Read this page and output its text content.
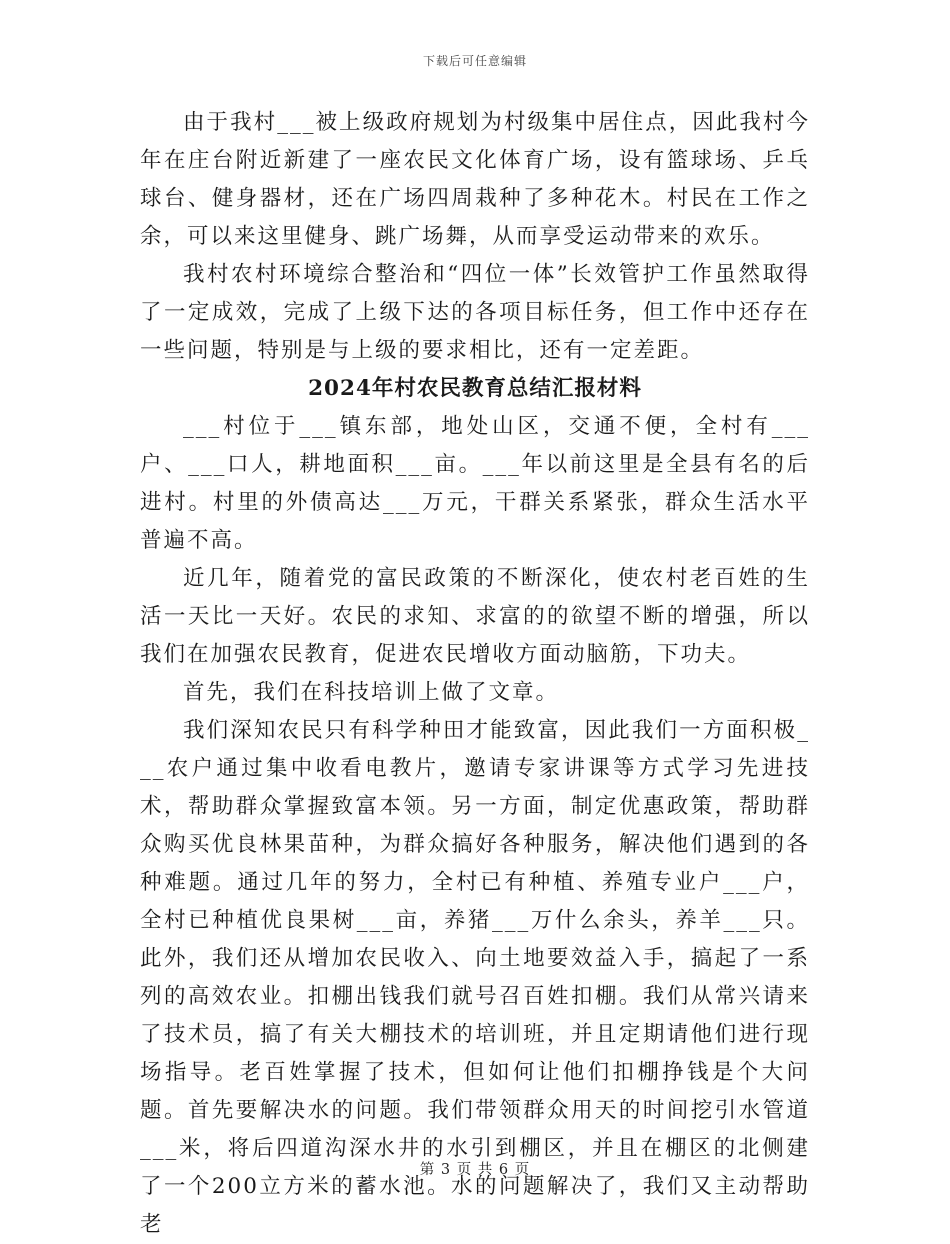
下载后可任意编辑

由于我村___被上级政府规划为村级集中居住点，因此我村今年在庄台附近新建了一座农民文化体育广场，设有篮球场、乒乓球台、健身器材，还在广场四周栽种了多种花木。村民在工作之余，可以来这里健身、跳广场舞，从而享受运动带来的欢乐。

我村农村环境综合整治和“四位一体”长效管护工作虽然取得了一定成效，完成了上级下达的各项目标任务，但工作中还存在一些问题，特别是与上级的要求相比，还有一定差距。

2024年村农民教育总结汇报材料

___村位于___镇东部，地处山区，交通不便，全村有___户、___口人，耕地面积___亩。___年以前这里是全县有名的后进村。村里的外债高达___万元，干群关系紧张，群众生活水平普遍不高。

近几年，随着党的富民政策的不断深化，使农村老百姓的生活一天比一天好。农民的求知、求富的的欲望不断的增强，所以我们在加强农民教育，促进农民增收方面动脑筋，下功夫。

首先，我们在科技培训上做了文章。

我们深知农民只有科学种田才能致富，因此我们一方面积极___农户通过集中收看电教片，邀请专家讲课等方式学习先进技术，帮助群众掌握致富本领。另一方面，制定优惠政策，帮助群众购买优良林果苗种，为群众搞好各种服务，解决他们遇到的各种难题。通过几年的努力，全村已有种植、养殖专业户___户，全村已种植优良果树___亩，养猪___万什么余头，养羊___只。此外，我们还从增加农民收入、向土地要效益入手，搞起了一系列的高效农业。扣棚出钱我们就号召百姓扣棚。我们从常兴请来了技术员，搞了有关大棚技术的培训班，并且定期请他们进行现场指导。老百姓掌握了技术，但如何让他们扣棚挣钱是个大问题。首先要解决水的问题。我们带领群众用天的时间挖引水管道___米，将后四道沟深水井的水引到棚区，并且在棚区的北侧建了一个200立方米的蓄水池。水的问题解决了，我们又主动帮助老

第 3 页 共 6 页
